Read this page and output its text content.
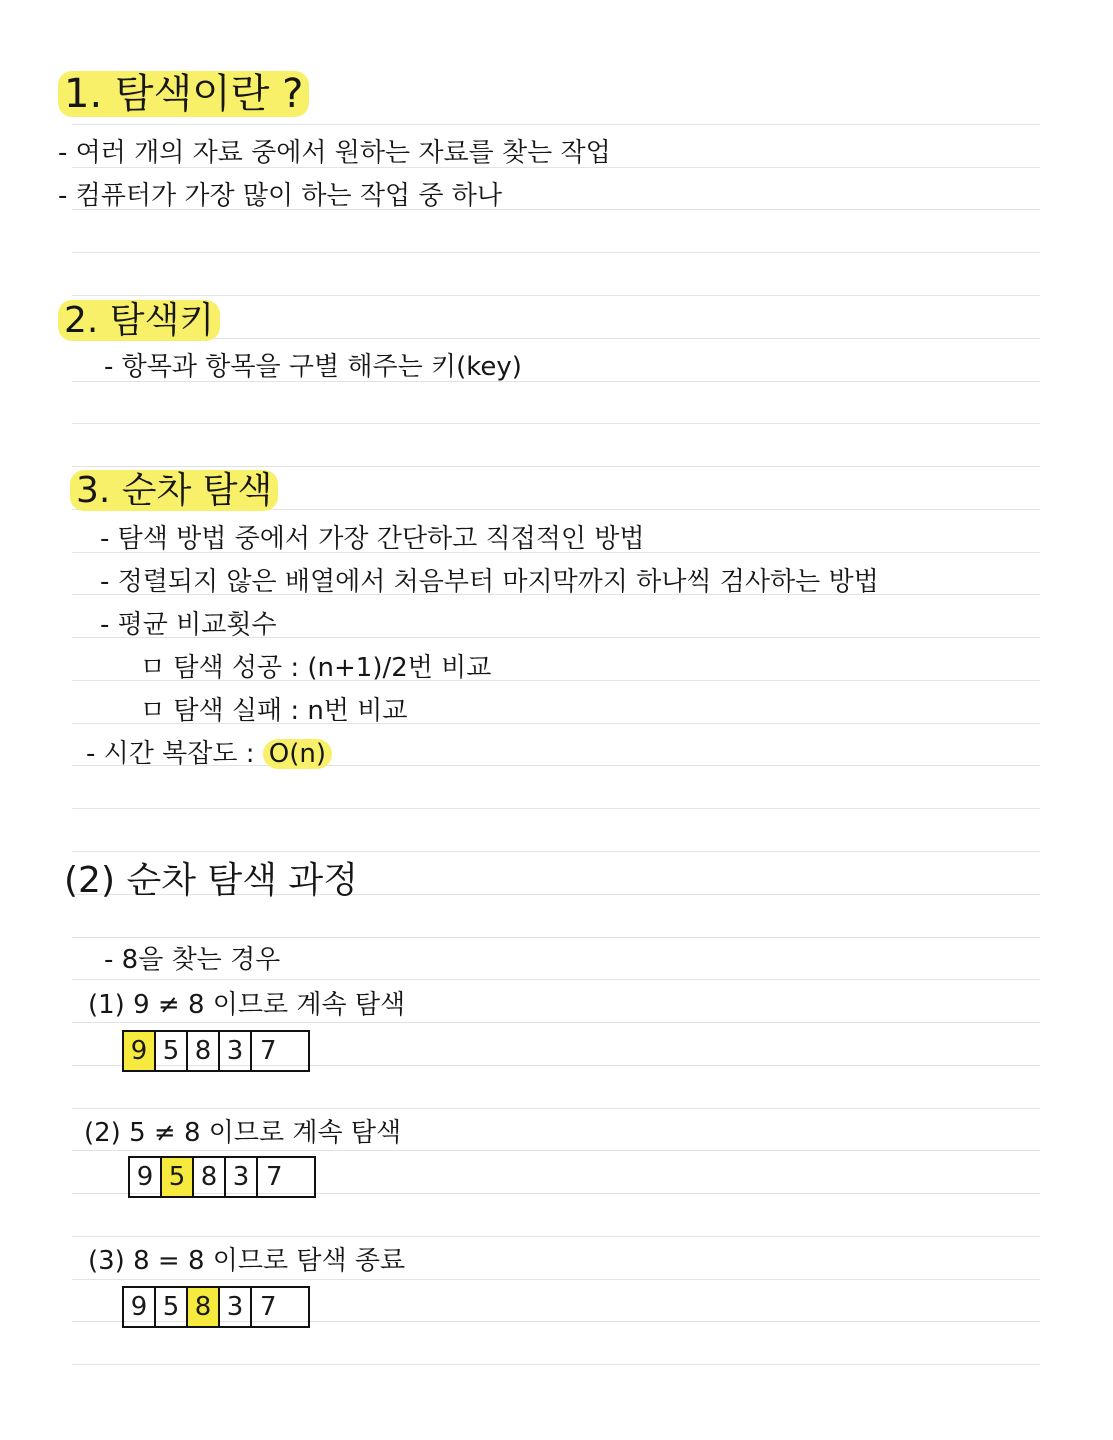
1. 탐색이란 ?
- 여러 개의 자료 중에서 원하는 자료를 찾는 작업
- 컴퓨터가 가장 많이 하는 작업 중 하나
2. 탐색키
- 항목과 항목을 구별 해주는 키(key)
3. 순차 탐색
- 탐색 방법 중에서 가장 간단하고 직접적인 방법
- 정렬되지 않은 배열에서 처음부터 마지막까지 하나씩 검사하는 방법
- 평균 비교횟수
ㅁ 탐색 성공 : (n+1)/2번 비교
ㅁ 탐색 실패 : n번 비교
- 시간 복잡도 : O(n)
(2) 순차 탐색 과정
- 8을 찾는 경우
(1) 9 ≠ 8 이므로 계속 탐색
9 5 8 3 7
(2) 5 ≠ 8 이므로 계속 탐색
9 5 8 3 7
(3) 8 = 8 이므로 탐색 종료
9 5 8 3 7
